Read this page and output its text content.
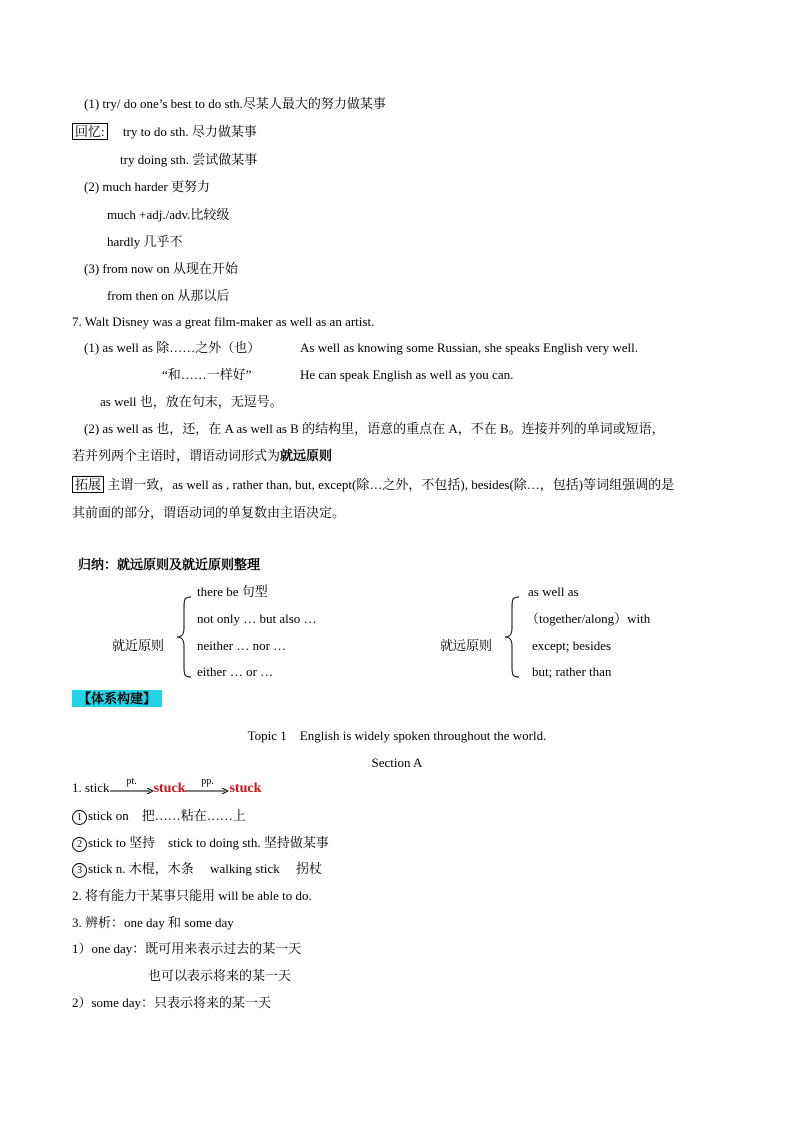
(1) try/ do one’s best to do sth.尽某人最大的努力做某事
回忆: try to do sth. 尽力做某事
try doing sth. 尝试做某事
(2) much harder 更努力
much +adj./adv.比较级
hardly 几乎不
(3) from now on 从现在开始
from then on 从那以后
7. Walt Disney was a great film-maker as well as an artist.
(1) as well as 除……之外（也）	As well as knowing some Russian, she speaks English very well.
“和……一样好”	He can speak English as well as you can.
as well 也，放在句末，无逗号。
(2) as well as 也，还，在 A as well as B 的结构里，语意的重点在 A，不在 B。连接并列的单词或短语，
若并列两个主语时，谓语动词形式为就远原则
拓展 主谓一致，as well as , rather than, but, except(除…之外，不包括), besides(除…，包括)等词组强调的是
其前面的部分，谓语动词的单复数由主语决定。
归纳：就远原则及就近原则整理
就近原则
there be 句型
not only … but also …
neither … nor …
either … or …
就远原则
as well as
（together/along）with
except; besides
but; rather than
【体系构建】
Topic 1　English is widely spoken throughout the world.
Section A
1. stick	pt.	stuck	pp.	stuck
1 stick on　把……粘在……上
2 stick to 坚持　stick to doing sth. 坚持做某事
3 stick n. 木棍，木条　 walking stick　 拐杖
2. 将有能力干某事只能用 will be able to do.
3. 辨析：one day 和 some day
1）one day：既可用来表示过去的某一天
也可以表示将来的某一天
2）some day：只表示将来的某一天
